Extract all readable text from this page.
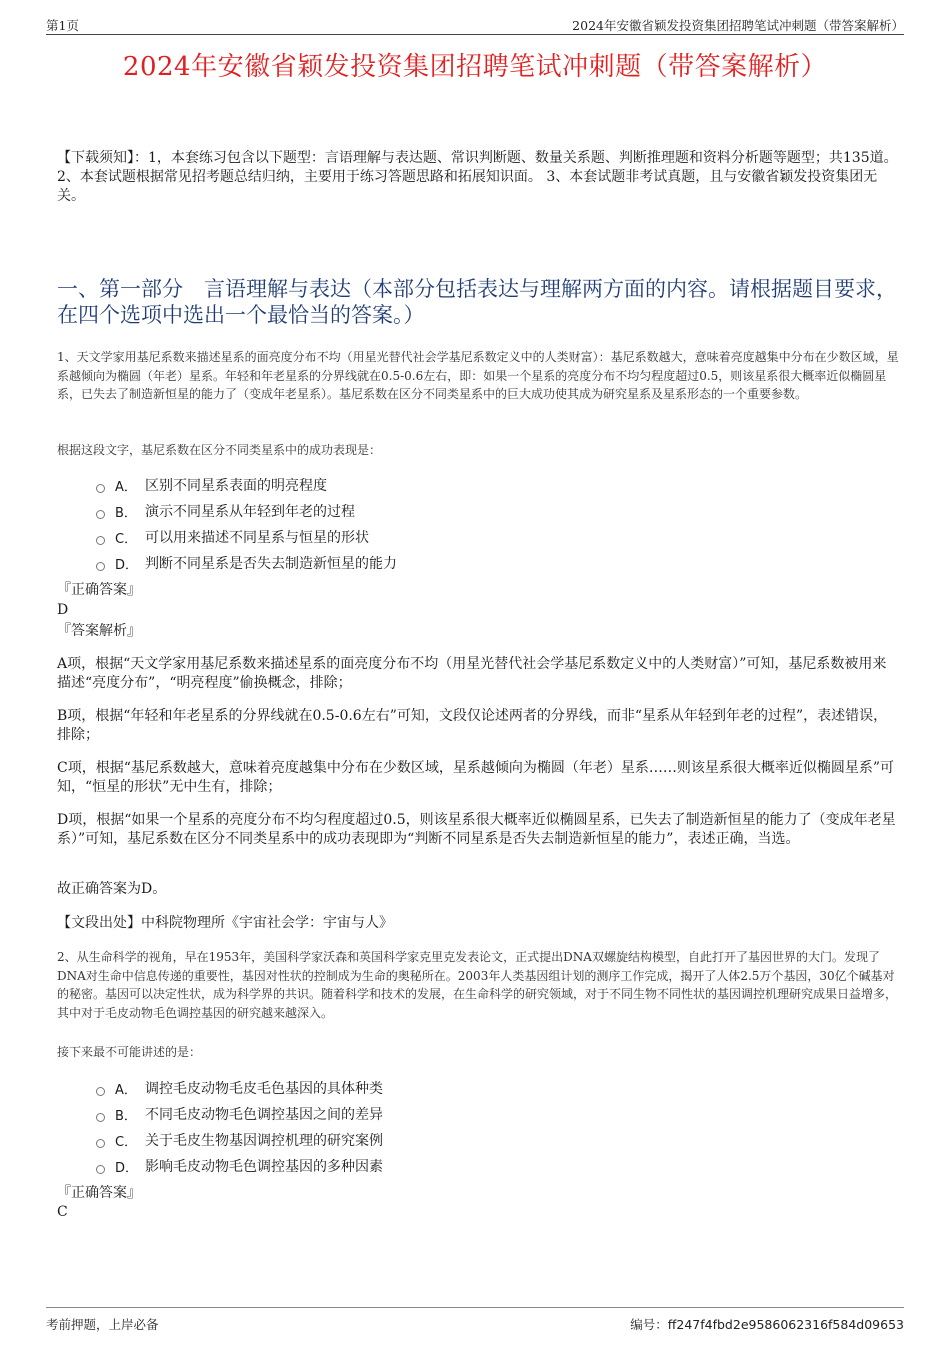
第1页	2024年安徽省颖发投资集团招聘笔试冲刺题（带答案解析）
2024年安徽省颖发投资集团招聘笔试冲刺题（带答案解析）
【下载须知】：1，本套练习包含以下题型：言语理解与表达题、常识判断题、数量关系题、判断推理题和资料分析题等题型；共135道。 2、本套试题根据常见招考题总结归纳，主要用于练习答题思路和拓展知识面。 3、本套试题非考试真题，且与安徽省颖发投资集团无关。
一、第一部分　言语理解与表达（本部分包括表达与理解两方面的内容。请根据题目要求，在四个选项中选出一个最恰当的答案。）
1、天文学家用基尼系数来描述星系的面亮度分布不均（用星光替代社会学基尼系数定义中的人类财富）：基尼系数越大，意味着亮度越集中分布在少数区域，星系越倾向为椭圆（年老）星系。年轻和年老星系的分界线就在0.5-0.6左右，即：如果一个星系的亮度分布不均匀程度超过0.5，则该星系很大概率近似椭圆星系，已失去了制造新恒星的能力了（变成年老星系）。基尼系数在区分不同类星系中的巨大成功使其成为研究星系及星系形态的一个重要参数。
根据这段文字，基尼系数在区分不同类星系中的成功表现是：
A． 区别不同星系表面的明亮程度
B． 演示不同星系从年轻到年老的过程
C． 可以用来描述不同星系与恒星的形状
D． 判断不同星系是否失去制造新恒星的能力
『正确答案』
D
『答案解析』
A项，根据“天文学家用基尼系数来描述星系的面亮度分布不均（用星光替代社会学基尼系数定义中的人类财富）”可知，基尼系数被用来描述“亮度分布”，“明亮程度”偷换概念，排除；
B项，根据“年轻和年老星系的分界线就在0.5-0.6左右”可知，文段仅论述两者的分界线，而非“星系从年轻到年老的过程”，表述错误，排除；
C项，根据“基尼系数越大，意味着亮度越集中分布在少数区域，星系越倾向为椭圆（年老）星系……则该星系很大概率近似椭圆星系”可知，“恒星的形状”无中生有，排除；
D项，根据“如果一个星系的亮度分布不均匀程度超过0.5，则该星系很大概率近似椭圆星系，已失去了制造新恒星的能力了（变成年老星系）”可知，基尼系数在区分不同类星系中的成功表现即为“判断不同星系是否失去制造新恒星的能力”，表述正确，当选。
故正确答案为D。
【文段出处】中科院物理所《宇宙社会学：宇宙与人》
2、从生命科学的视角，早在1953年，美国科学家沃森和英国科学家克里克发表论文，正式提出DNA双螺旋结构模型，自此打开了基因世界的大门。发现了DNA对生命中信息传递的重要性，基因对性状的控制成为生命的奥秘所在。2003年人类基因组计划的测序工作完成，揭开了人体2.5万个基因，30亿个碱基对的秘密。基因可以决定性状，成为科学界的共识。随着科学和技术的发展，在生命科学的研究领域，对于不同生物不同性状的基因调控机理研究成果日益增多，其中对于毛皮动物毛色调控基因的研究越来越深入。
接下来最不可能讲述的是：
A． 调控毛皮动物毛皮毛色基因的具体种类
B． 不同毛皮动物毛色调控基因之间的差异
C． 关于毛皮生物基因调控机理的研究案例
D． 影响毛皮动物毛色调控基因的多种因素
『正确答案』
C
考前押题，上岸必备	编号：ff247f4fbd2e9586062316f584d09653
